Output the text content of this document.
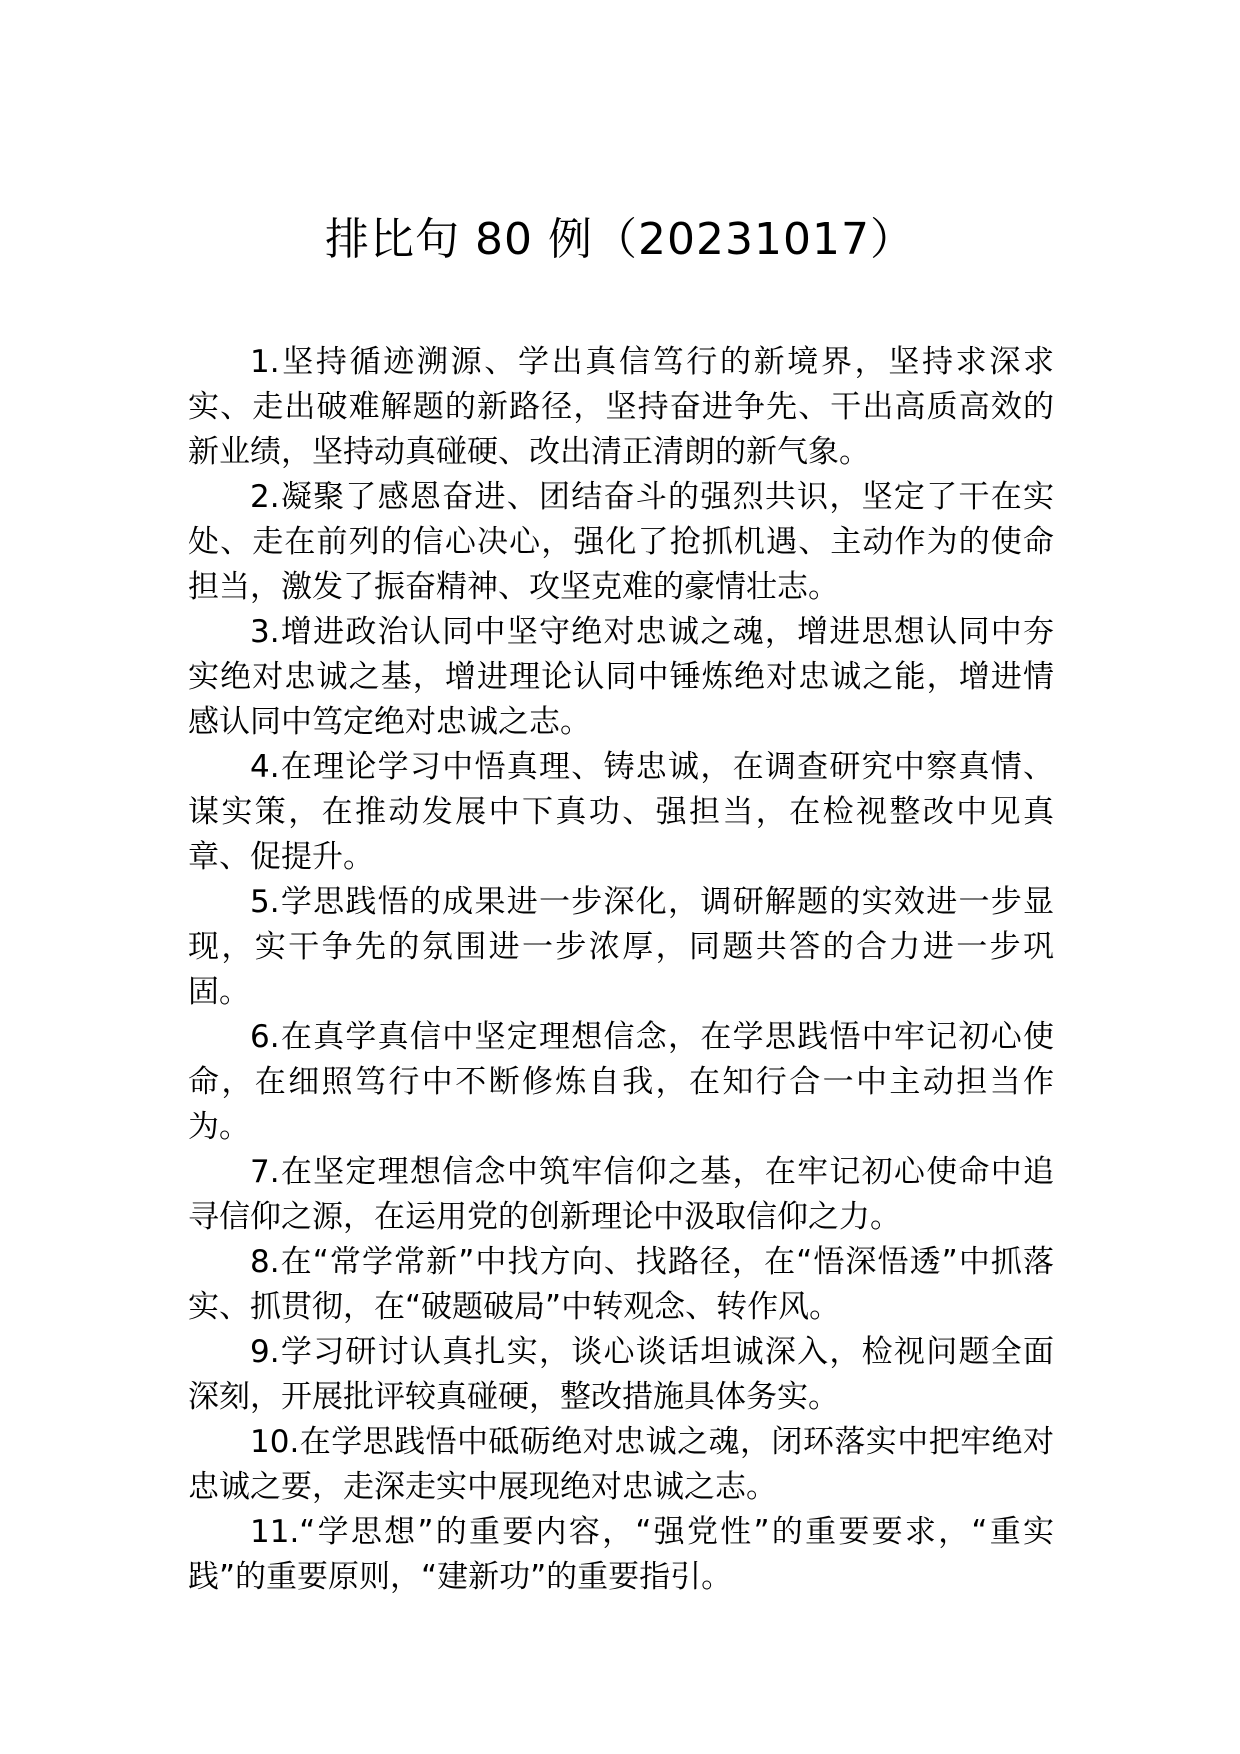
排比句 80 例（20231017）

1.坚持循迹溯源、学出真信笃行的新境界，坚持求深求实、走出破难解题的新路径，坚持奋进争先、干出高质高效的新业绩，坚持动真碰硬、改出清正清朗的新气象。

2.凝聚了感恩奋进、团结奋斗的强烈共识，坚定了干在实处、走在前列的信心决心，强化了抢抓机遇、主动作为的使命担当，激发了振奋精神、攻坚克难的豪情壮志。

3.增进政治认同中坚守绝对忠诚之魂，增进思想认同中夯实绝对忠诚之基，增进理论认同中锤炼绝对忠诚之能，增进情感认同中笃定绝对忠诚之志。

4.在理论学习中悟真理、铸忠诚，在调查研究中察真情、谋实策，在推动发展中下真功、强担当，在检视整改中见真章、促提升。

5.学思践悟的成果进一步深化，调研解题的实效进一步显现，实干争先的氛围进一步浓厚，同题共答的合力进一步巩固。

6.在真学真信中坚定理想信念，在学思践悟中牢记初心使命，在细照笃行中不断修炼自我，在知行合一中主动担当作为。

7.在坚定理想信念中筑牢信仰之基，在牢记初心使命中追寻信仰之源，在运用党的创新理论中汲取信仰之力。

8.在“常学常新”中找方向、找路径，在“悟深悟透”中抓落实、抓贯彻，在“破题破局”中转观念、转作风。

9.学习研讨认真扎实，谈心谈话坦诚深入，检视问题全面深刻，开展批评较真碰硬，整改措施具体务实。

10.在学思践悟中砥砺绝对忠诚之魂，闭环落实中把牢绝对忠诚之要，走深走实中展现绝对忠诚之志。

11.“学思想”的重要内容，“强党性”的重要要求，“重实践”的重要原则，“建新功”的重要指引。
